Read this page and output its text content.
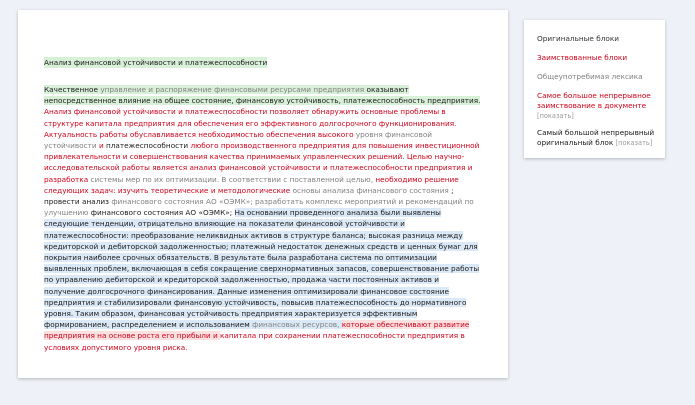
Анализ финансовой устойчивости и платежеспособности
Качественное управление и распоряжение финансовыми ресурсами предприятия оказывают непосредственное влияние на общее состояние, финансовую устойчивость, платежеспособность предприятия. Анализ финансовой устойчивости и платежеспособности позволяет обнаружить основные проблемы в структуре капитала предприятия для обеспечения его эффективного долгосрочного функционирования. Актуальность работы обуславливается необходимостью обеспечения высокого уровня финансовой устойчивости и платежеспособности любого производственного предприятия для повышения инвестиционной привлекательности и совершенствования качества принимаемых управленческих решений. Целью научно-исследовательской работы является анализ финансовой устойчивости и платежеспособности предприятия и разработка системы мер по их оптимизации. В соответствии с поставленной целью, необходимо решение следующих задач: изучить теоретические и методологические основы анализа финансового состояния ; провести анализ финансового состояния АО «ОЭМК»; разработать комплекс мероприятий и рекомендаций по улучшению финансового состояния АО «ОЭМК»; На основании проведенного анализа были выявлены следующие тенденции, отрицательно влияющие на показатели финансовой устойчивости и платежеспособности: преобразование неликвидных активов в структуре баланса; высокая разница между кредиторской и дебиторской задолженностью; платежный недостаток денежных средств и ценных бумаг для покрытия наиболее срочных обязательств. В результате была разработана система по оптимизации выявленных проблем, включающая в себя сокращение сверхнормативных запасов, совершенствование работы по управлению дебиторской и кредиторской задолженностью, продажа части постоянных активов и получение долгосрочного финансирования. Данные изменения оптимизировали финансовое состояние предприятия и стабилизировали финансовую устойчивость, повысив платежеспособность до нормативного уровня. Таким образом, финансовая устойчивость предприятия характеризуется эффективным формированием, распределением и использованием финансовых ресурсов, которые обеспечивают развитие предприятия на основе роста его прибыли и капитала при сохранении платежеспособности предприятия в условиях допустимого уровня риска.
Оригинальные блоки
Заимствованные блоки
Общеупотребимая лексика
Самое большое непрерывное заимствование в документе [показать]
Самый большой непрерывный оригинальный блок [показать]
